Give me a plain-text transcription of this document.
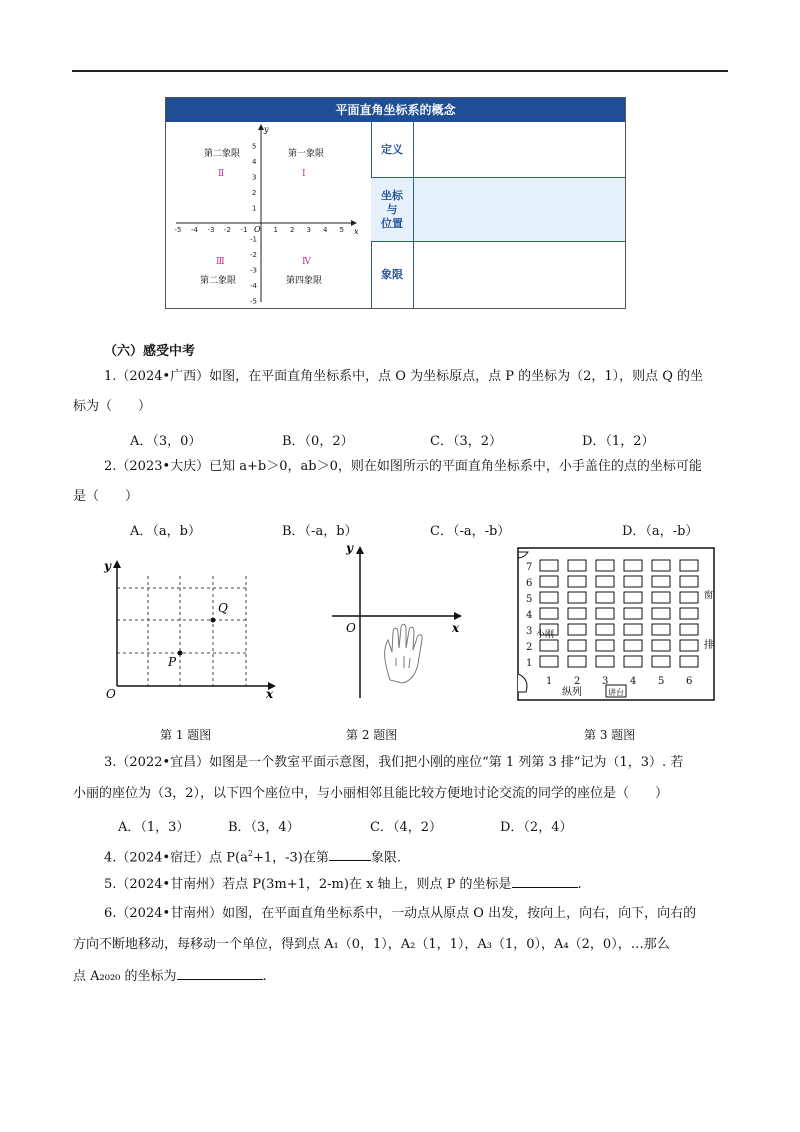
平面直角坐标系的概念
-5 -4 -3 -2 -1	1 2 3 4 5
5
4
3
2
1
-1
-2
-3
-4
-5
O
y
x
第二象限	第一象限
Ⅱ	Ⅰ
Ⅲ	Ⅳ
第二象限	第四象限
定义
坐标
与
位置
象限
（六）感受中考
1.（2024•广西）如图，在平面直角坐标系中，点 O 为坐标原点，点 P 的坐标为（2，1），则点 Q 的坐
标为（　　）
A．（3，0）	B．（0，2）	C．（3，2）	D．（1，2）
2.（2023•大庆）已知 a+b＞0，ab＞0，则在如图所示的平面直角坐标系中，小手盖住的点的坐标可能
是（　　）
A．（a，b）	B．（-a，b）	C．（-a，-b）	D．（a，-b）
P
Q
O
y
x
y
x
O
7
6
5
4
3
2
1
1 2 3 4 5 6
小刚
纵列	讲台
窗
排
第 1 题图	第 2 题图	第 3 题图
3.（2022•宜昌）如图是一个教室平面示意图，我们把小刚的座位“第 1 列第 3 排”记为（1，3）. 若
小丽的座位为（3，2），以下四个座位中，与小丽相邻且能比较方便地讨论交流的同学的座位是（　　）
A．（1，3）	B．（3，4）	C．（4，2）	D．（2，4）
4.（2024•宿迁）点 $P(a^2+1$，-3)在第	象限.
5.（2024•甘南州）若点 P(3m+1，2-m)在 x 轴上，则点 P 的坐标是	.
6.（2024•甘南州）如图，在平面直角坐标系中，一动点从原点 O 出发，按向上，向右，向下，向右的
方向不断地移动，每移动一个单位，得到点 A₁（0，1），A₂（1，1），A₃（1，0），A₄（2，0），…那么
点 A₂₀₂₀ 的坐标为	.
